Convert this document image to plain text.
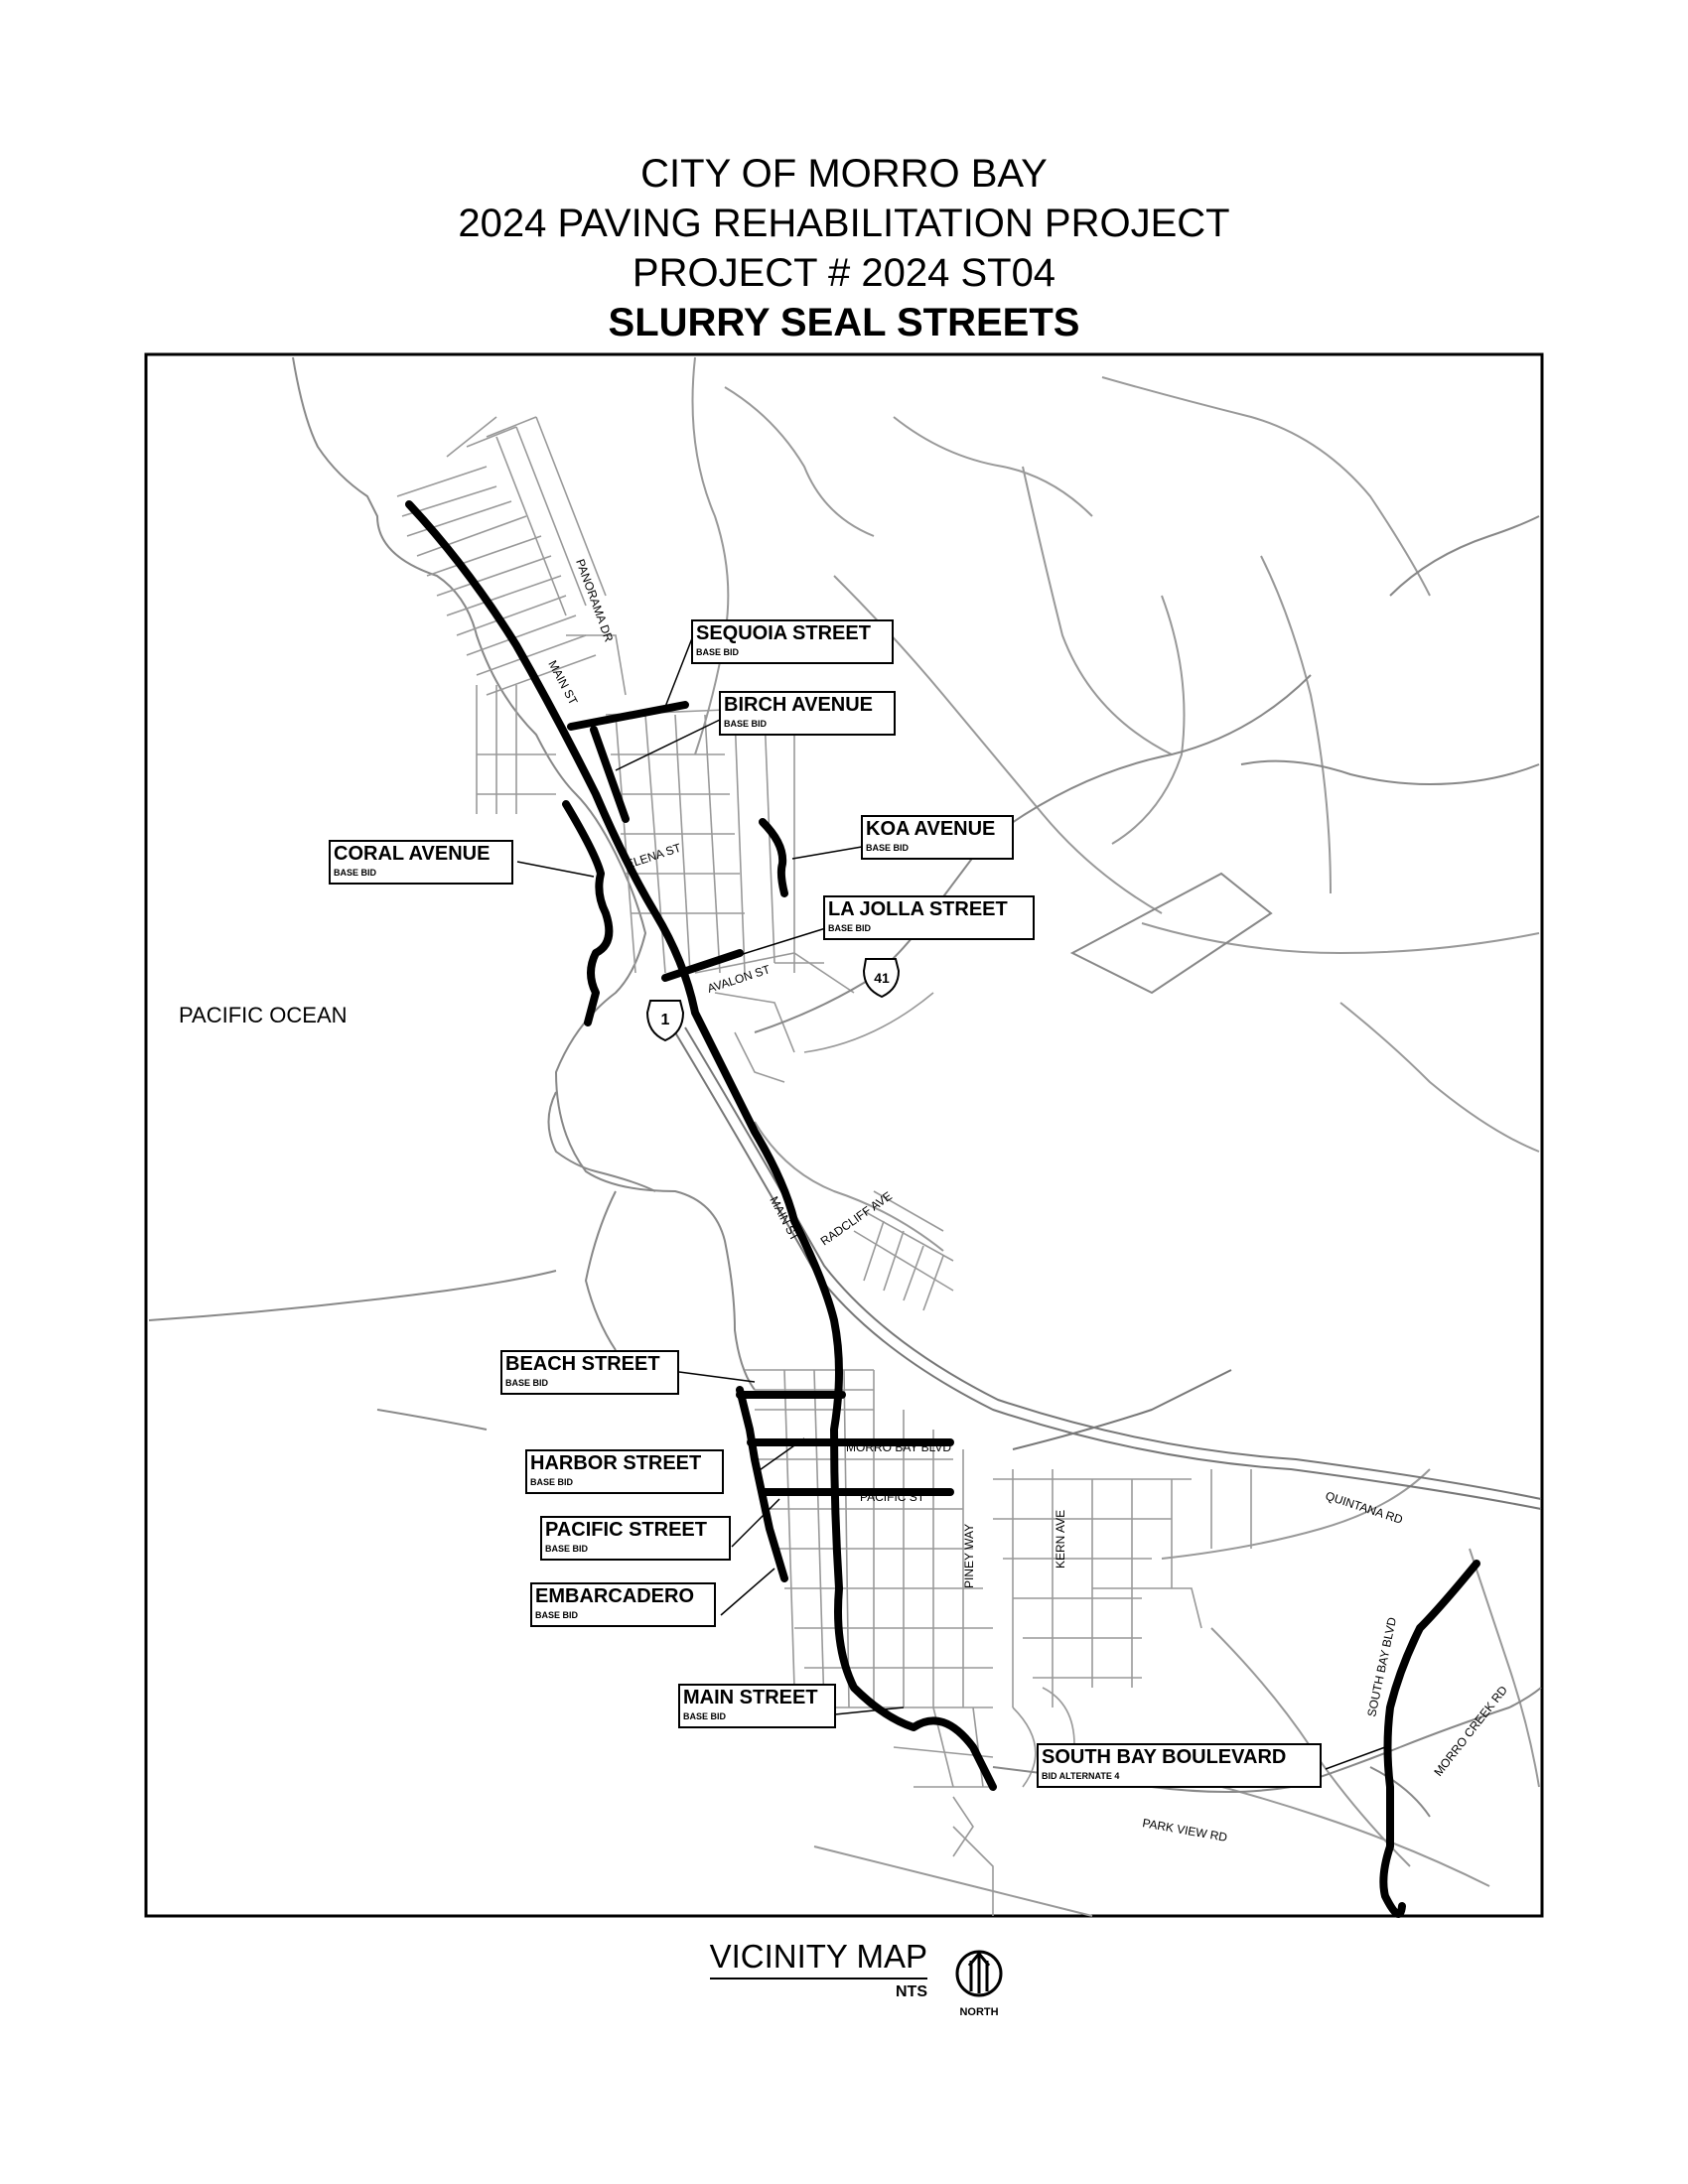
CITY OF MORRO BAY
2024 PAVING REHABILITATION PROJECT
PROJECT # 2024 ST04
SLURRY SEAL STREETS
SEQUOIA STREET
BASE BID
BIRCH AVENUE
BASE BID
KOA AVENUE
BASE BID
CORAL AVENUE
BASE BID
LA JOLLA STREET
BASE BID
BEACH STREET
BASE BID
HARBOR STREET
BASE BID
PACIFIC STREET
BASE BID
EMBARCADERO
BASE BID
MAIN STREET
BASE BID
SOUTH BAY BOULEVARD
BID ALTERNATE 4
1
41
PACIFIC OCEAN
MAIN ST
PANORAMA DR
ELENA ST
AVALON ST
MAIN ST RADCLIFF AVE
MORRO BAY BLVD
PACIFIC ST
PINEY WAY	KERN AVE
QUINTANA RD
SOUTH BAY BLVD
MORRO CREEK RD
PARK VIEW RD
NORTH
VICINITY MAP
NTS
